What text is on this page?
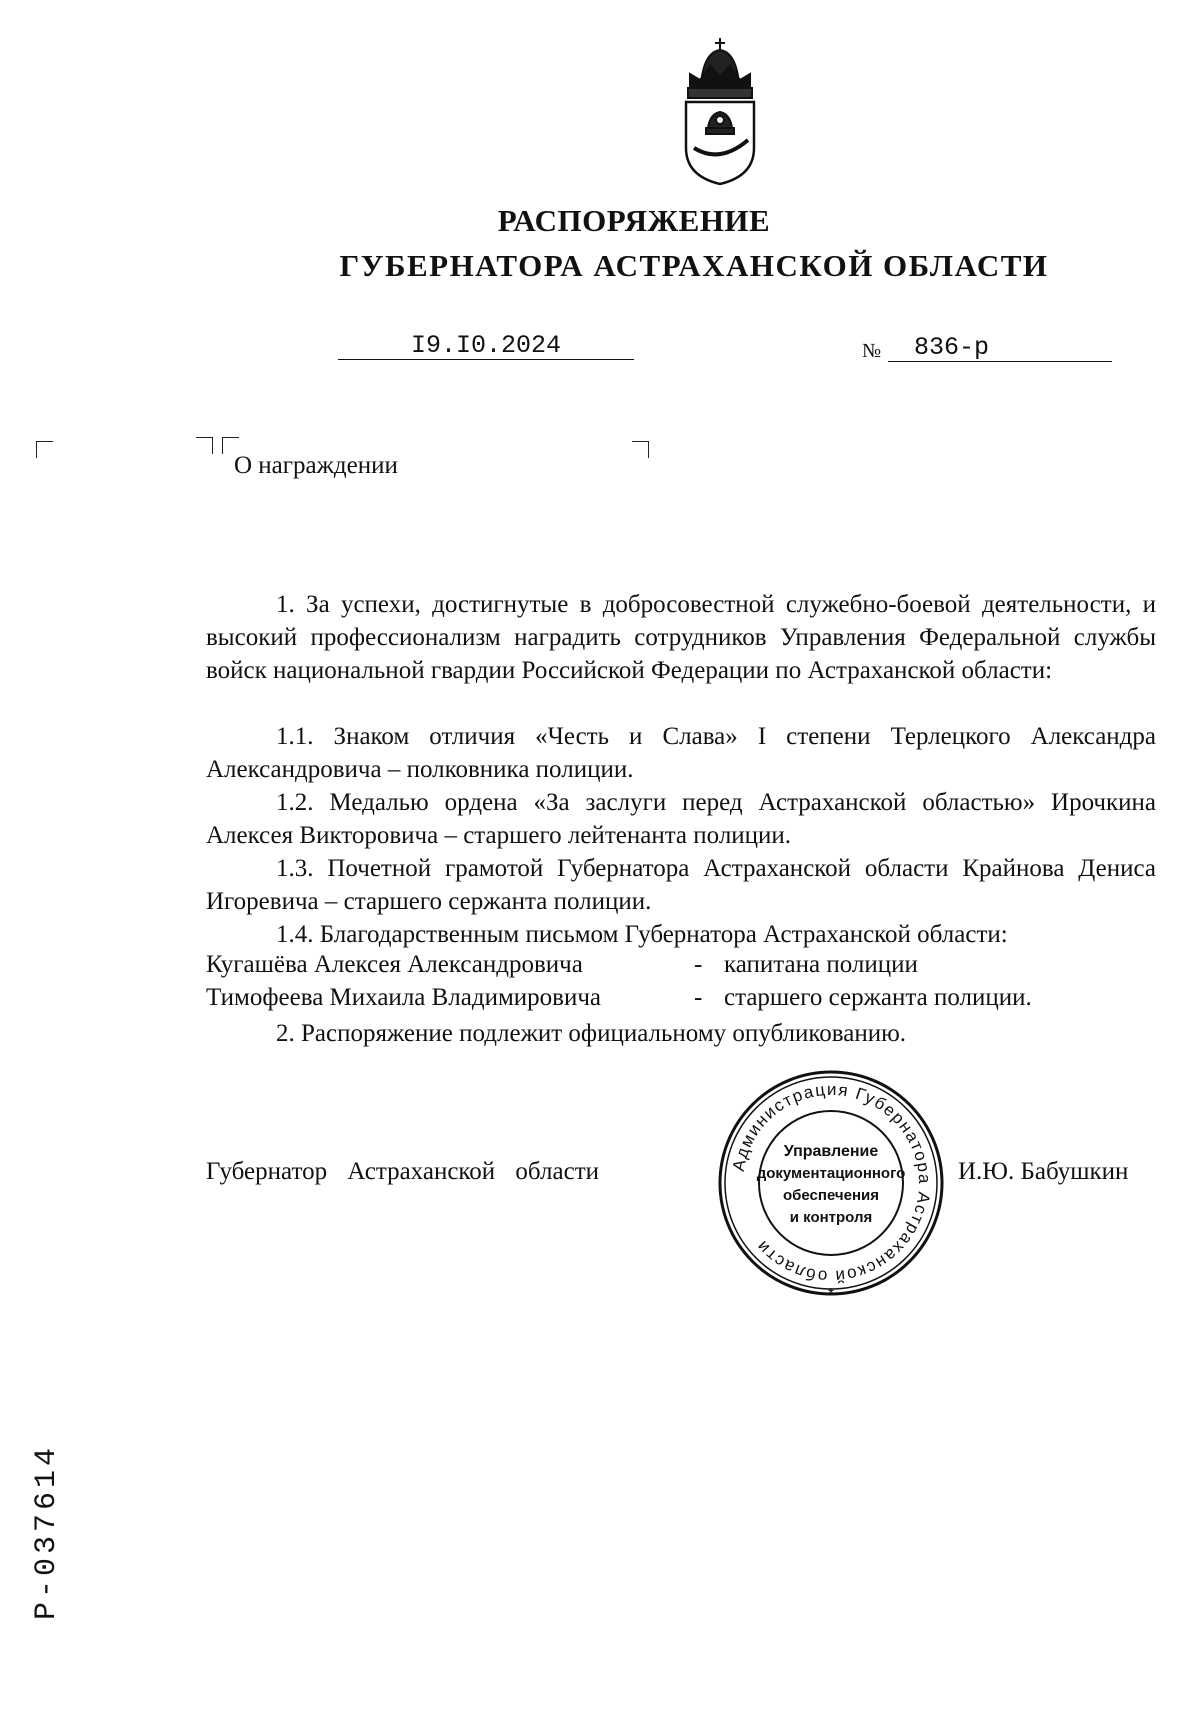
РАСПОРЯЖЕНИЕ
ГУБЕРНАТОРА АСТРАХАНСКОЙ ОБЛАСТИ
I9.I0.2024	№	836-р
О награждении
1. За успехи, достигнутые в добросовестной служебно-боевой деятельности, и высокий профессионализм наградить сотрудников Управления Федеральной службы войск национальной гвардии Российской Федерации по Астраханской области:
1.1. Знаком отличия «Честь и Слава» I степени Терлецкого Александра Александровича – полковника полиции.
1.2. Медалью ордена «За заслуги перед Астраханской областью» Ирочкина Алексея Викторовича – старшего лейтенанта полиции.
1.3. Почетной грамотой Губернатора Астраханской области Крайнова Дениса Игоревича – старшего сержанта полиции.
1.4. Благодарственным письмом Губернатора Астраханской области:
Кугашёва Алексея Александровича	- капитана полиции
Тимофеева Михаила Владимировича	- старшего сержанта полиции.
2. Распоряжение подлежит официальному опубликованию.
Губернатор Астраханской области	И.Ю. Бабушкин
Администрация Губернатора Астраханской области
*
Управление
документационного
обеспечения
и контроля
Р-037614
